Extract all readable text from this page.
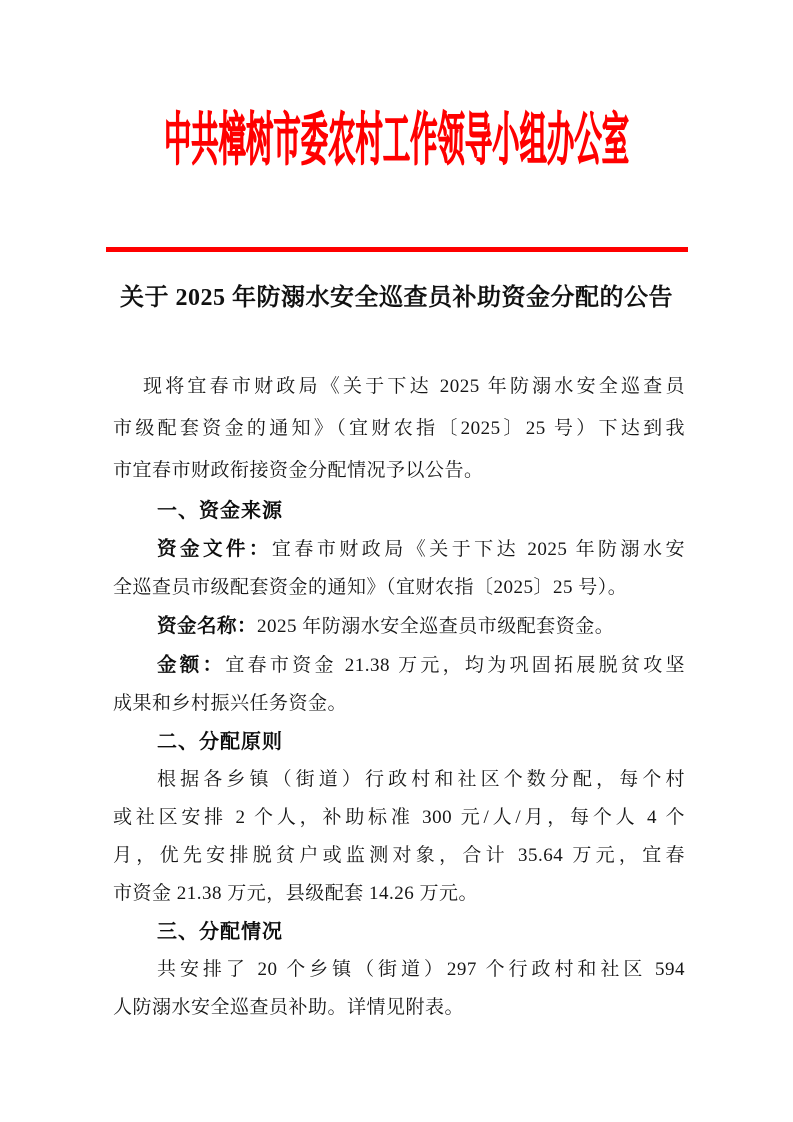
中共樟树市委农村工作领导小组办公室
关于 2025 年防溺水安全巡查员补助资金分配的公告
现将宜春市财政局《关于下达 2025 年防溺水安全巡查员
市级配套资金的通知》（宜财农指〔2025〕25 号）下达到我
市宜春市财政衔接资金分配情况予以公告。
一、资金来源
资金文件：宜春市财政局《关于下达 2025 年防溺水安
全巡查员市级配套资金的通知》（宜财农指〔2025〕25 号）。
资金名称：2025 年防溺水安全巡查员市级配套资金。
金额：宜春市资金 21.38 万元，均为巩固拓展脱贫攻坚
成果和乡村振兴任务资金。
二、分配原则
根据各乡镇（街道）行政村和社区个数分配，每个村
或社区安排 2 个人，补助标准 300 元/人/月，每个人 4 个
月，优先安排脱贫户或监测对象，合计 35.64 万元，宜春
市资金 21.38 万元，县级配套 14.26 万元。
三、分配情况
共安排了 20 个乡镇（街道）297 个行政村和社区 594
人防溺水安全巡查员补助。详情见附表。
